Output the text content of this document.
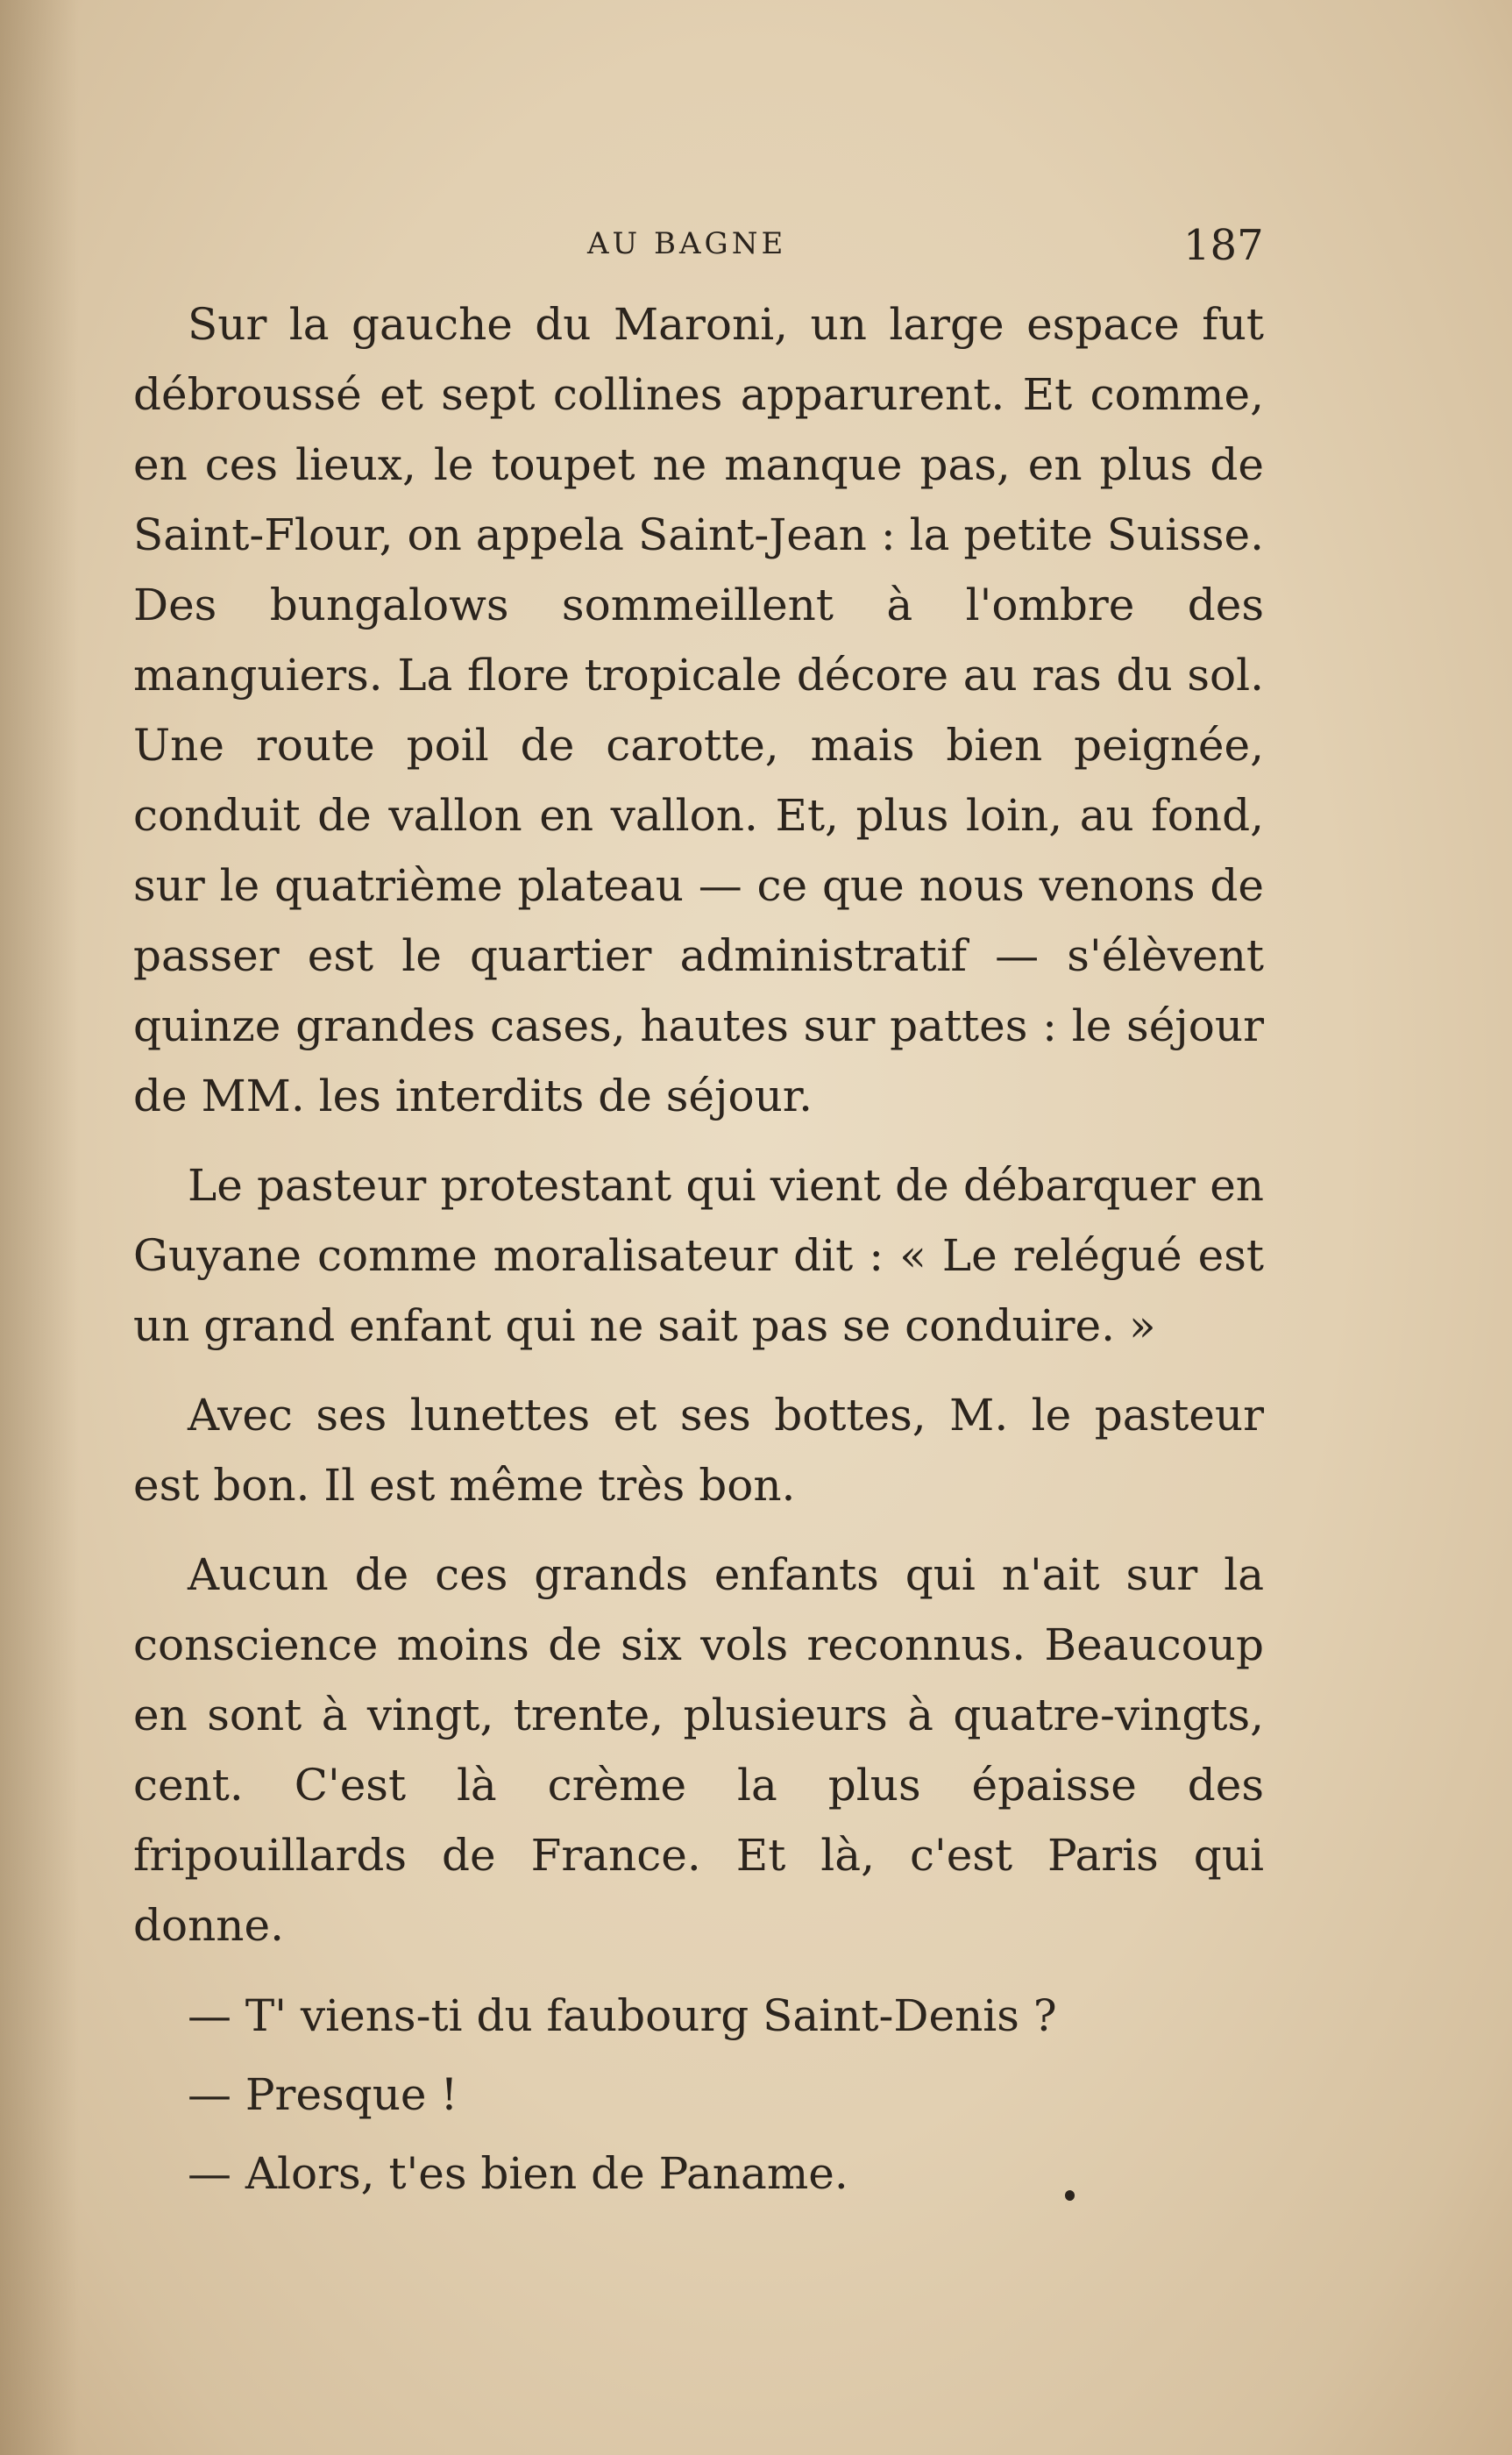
AU BAGNE	187

Sur la gauche du Maroni, un large espace fut débroussé et sept collines apparurent. Et comme, en ces lieux, le toupet ne manque pas, en plus de Saint-Flour, on appela Saint-Jean : la petite Suisse. Des bungalows sommeillent à l'ombre des manguiers. La flore tropicale décore au ras du sol. Une route poil de carotte, mais bien peignée, conduit de vallon en vallon. Et, plus loin, au fond, sur le quatrième plateau — ce que nous venons de passer est le quartier administratif — s'élèvent quinze grandes cases, hautes sur pattes : le séjour de MM. les interdits de séjour.

Le pasteur protestant qui vient de débarquer en Guyane comme moralisateur dit : « Le relégué est un grand enfant qui ne sait pas se conduire. »

Avec ses lunettes et ses bottes, M. le pasteur est bon. Il est même très bon.

Aucun de ces grands enfants qui n'ait sur la conscience moins de six vols reconnus. Beaucoup en sont à vingt, trente, plusieurs à quatre-vingts, cent. C'est là crème la plus épaisse des fripouillards de France. Et là, c'est Paris qui donne.

— T' viens-ti du faubourg Saint-Denis ?

— Presque !

— Alors, t'es bien de Paname.
